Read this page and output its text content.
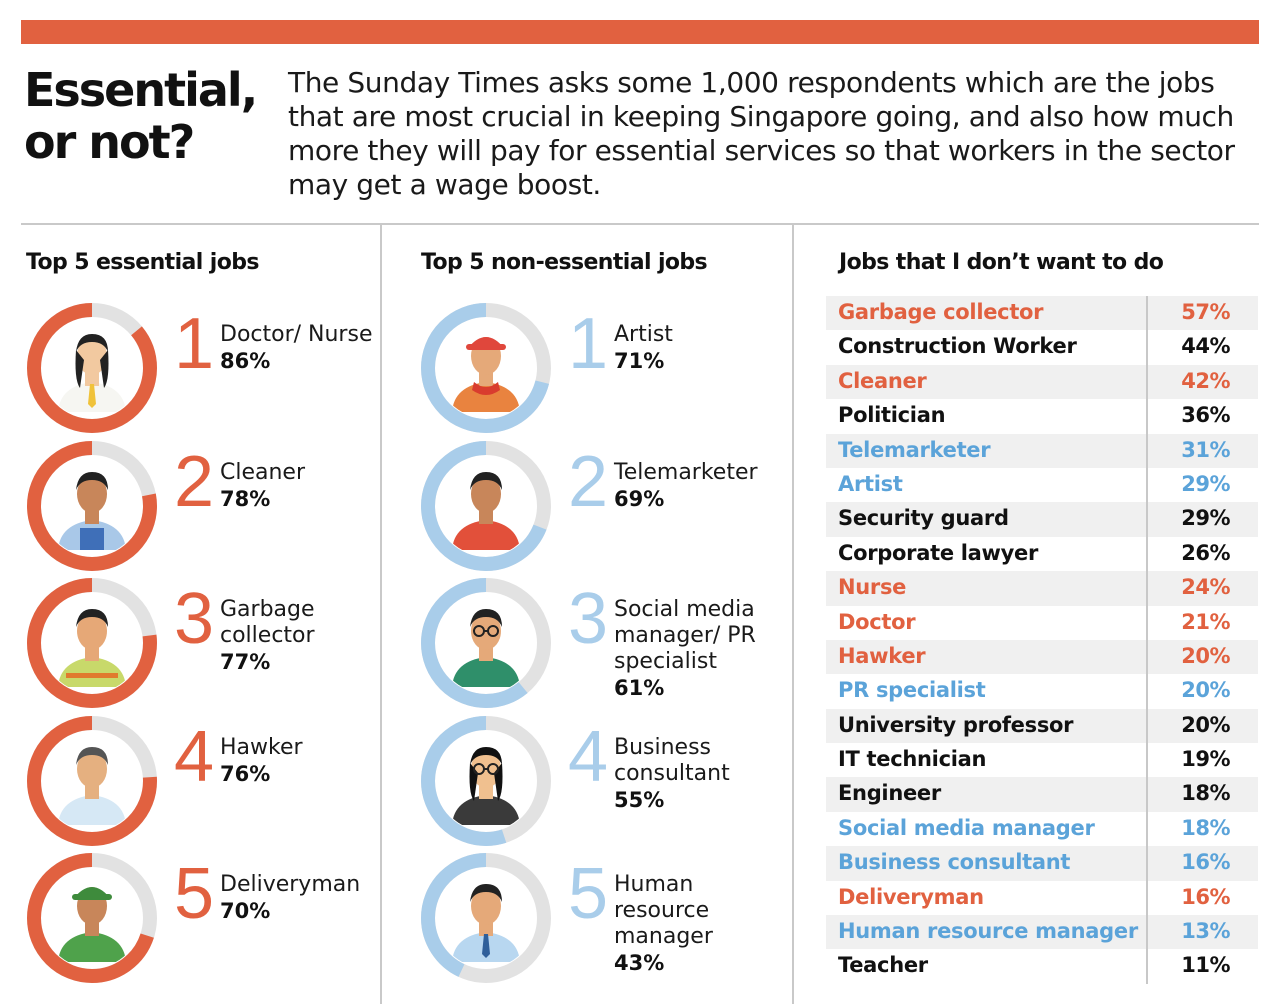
Essential, or not?

The Sunday Times asks some 1,000 respondents which are the jobs that are most crucial in keeping Singapore going, and also how much more they will pay for essential services so that workers in the sector may get a wage boost.

Top 5 essential jobs	Top 5 non-essential jobs	Jobs that I don’t want to do
1 Doctor/ Nurse
86%
2 Cleaner
78%
3 Garbage collector
77%
4 Hawker
76%
5 Deliveryman
70%
1 Artist
71%
2 Telemarketer
69%
3 Social media manager/ PR specialist
61%
4 Business consultant
55%
5 Human resource manager
43%
Garbage collector	57%
Construction Worker	44%
Cleaner	42%
Politician	36%
Telemarketer	31%
Artist	29%
Security guard	29%
Corporate lawyer	26%
Nurse	24%
Doctor	21%
Hawker	20%
PR specialist	20%
University professor	20%
IT technician	19%
Engineer	18%
Social media manager	18%
Business consultant	16%
Deliveryman	16%
Human resource manager 13%
Teacher	11%
